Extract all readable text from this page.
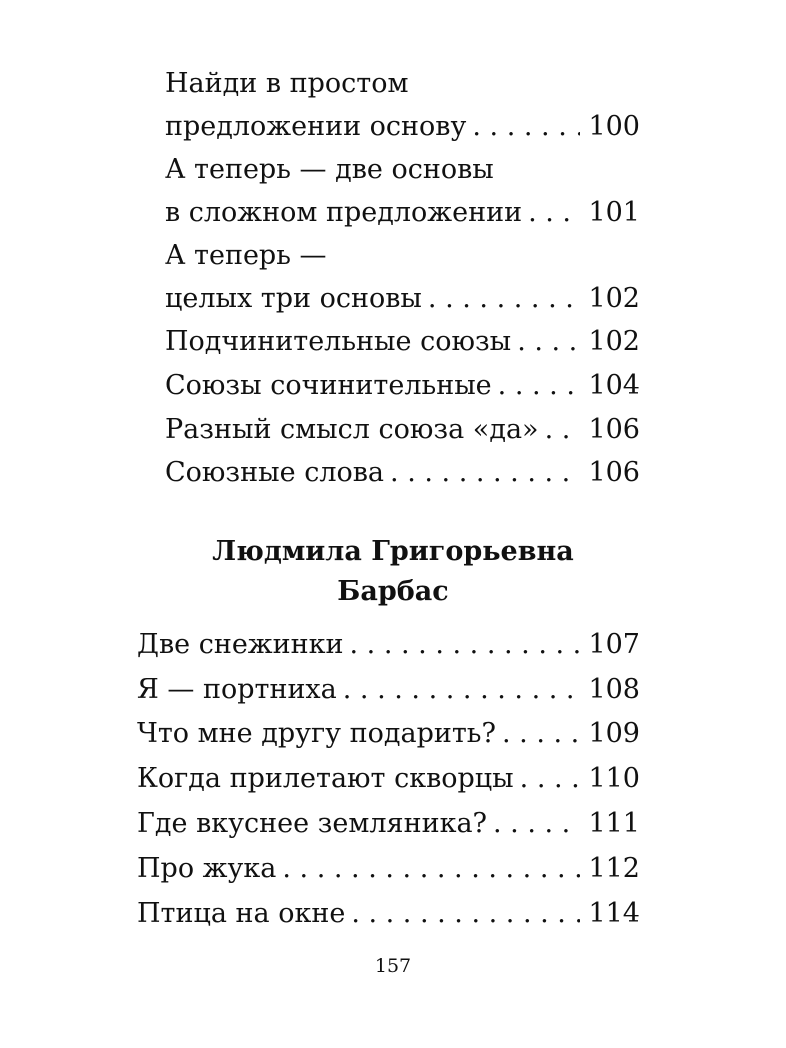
Найди в простом
предложении основу . . .	100
А теперь — две основы
в сложном предложении . . . 101
А теперь —
целых три основы . . .	102
Подчинительные союзы . . .	102
Союзы сочинительные . . .	104
Разный смысл союза «да» . . . 106
Союзные слова . . .	106
Людмила Григорьевна
Барбас
Две снежинки . . .	107
Я — портниха . . .	108
Что мне другу подарить? . . .	109
Когда прилетают скворцы . . .	110
Где вкуснее земляника? . . .	111
Про жука . . .	112
Птица на окне . . .	114
157
